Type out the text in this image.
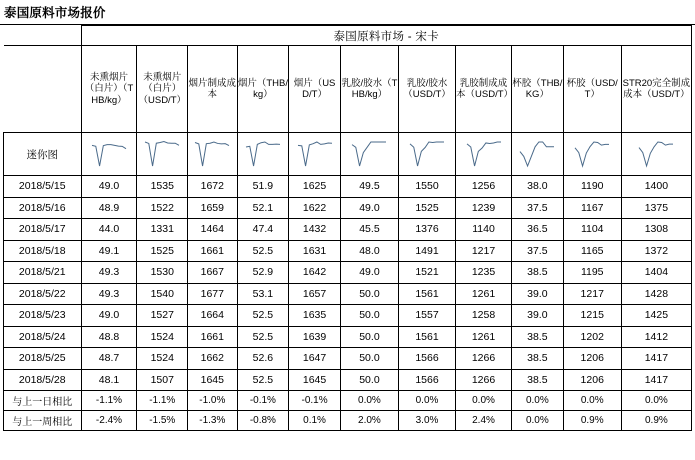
泰国原料市场报价
	泰国原料市场 - 宋卡										
	未熏烟片（白片）（THB/kg）	未熏烟片（白片）（USD/T）	烟片制成成本	烟片（THB/kg）	烟片（USD/T）	乳胶/胶水（THB/kg）	乳胶/胶水（USD/T）	乳胶制成成本（USD/T）	杯胶（THB/KG）	杯胶（USD/T）	STR20完全制成成本（USD/T）
迷你图	

2018/5/15	49.0	1535	1672	51.9	1625	49.5	1550	1256	38.0	1190	1400
2018/5/16	48.9	1522	1659	52.1	1622	49.0	1525	1239	37.5	1167	1375
2018/5/17	44.0	1331	1464	47.4	1432	45.5	1376	1140	36.5	1104	1308
2018/5/18	49.1	1525	1661	52.5	1631	48.0	1491	1217	37.5	1165	1372
2018/5/21	49.3	1530	1667	52.9	1642	49.0	1521	1235	38.5	1195	1404
2018/5/22	49.3	1540	1677	53.1	1657	50.0	1561	1261	39.0	1217	1428
2018/5/23	49.0	1527	1664	52.5	1635	50.0	1557	1258	39.0	1215	1425
2018/5/24	48.8	1524	1661	52.5	1639	50.0	1561	1261	38.5	1202	1412
2018/5/25	48.7	1524	1662	52.6	1647	50.0	1566	1266	38.5	1206	1417
2018/5/28	48.1	1507	1645	52.5	1645	50.0	1566	1266	38.5	1206	1417
与上一日相比	-1.1%	-1.1%	-1.0%	-0.1%	-0.1%	0.0%	0.0%	0.0%	0.0%	0.0%	0.0%
与上一周相比	-2.4%	-1.5%	-1.3%	-0.8%	0.1%	2.0%	3.0%	2.4%	0.0%	0.9%	0.9%
